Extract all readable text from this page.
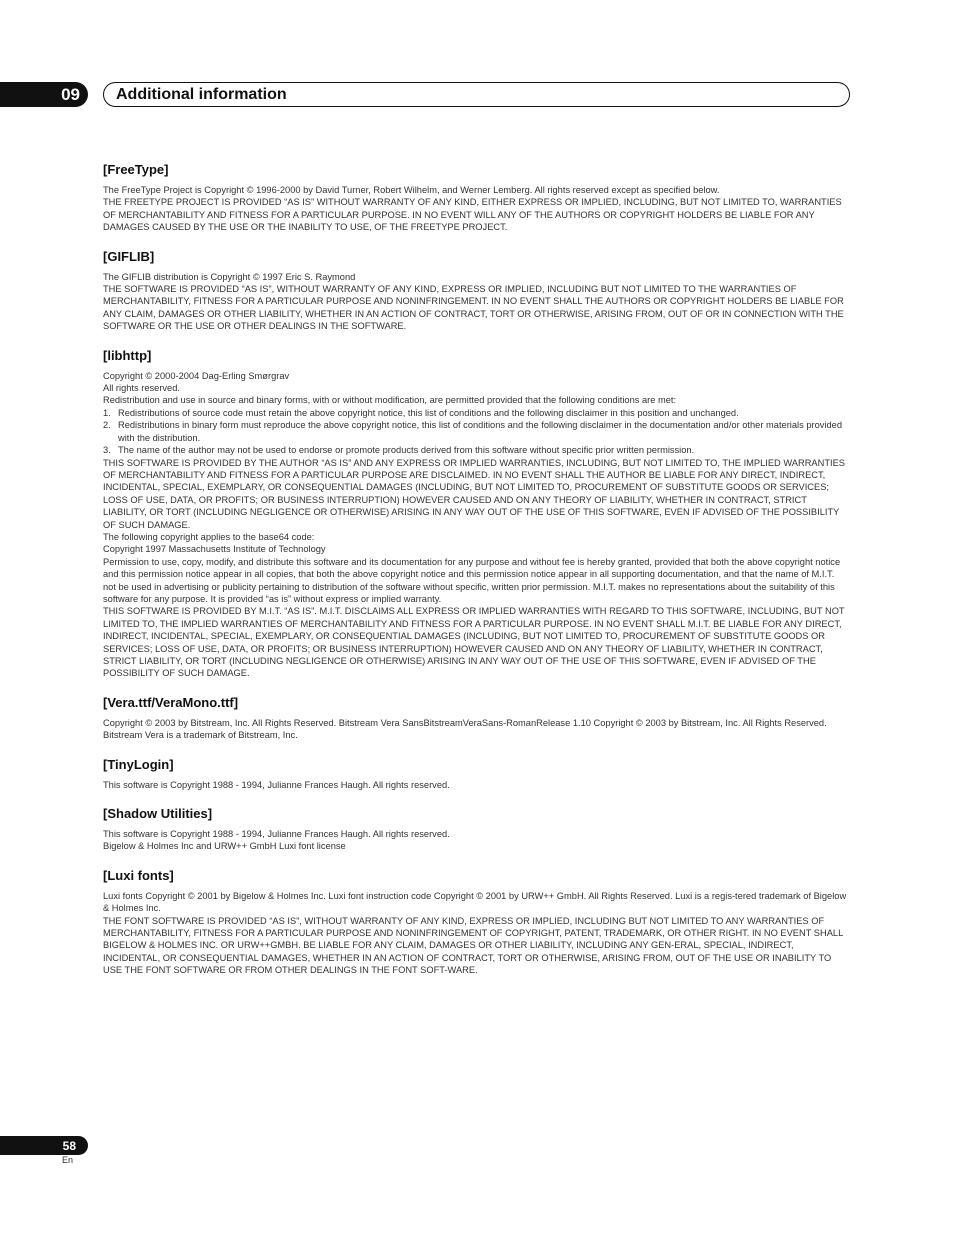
09	Additional information
[FreeType]

The FreeType Project is Copyright © 1996-2000 by David Turner, Robert Wilhelm, and Werner Lemberg. All rights reserved except as specified below.
THE FREETYPE PROJECT IS PROVIDED “AS IS” WITHOUT WARRANTY OF ANY KIND, EITHER EXPRESS OR IMPLIED, INCLUDING, BUT NOT LIMITED TO, WARRANTIES OF MERCHANTABILITY AND FITNESS FOR A PARTICULAR PURPOSE. IN NO EVENT WILL ANY OF THE AUTHORS OR COPYRIGHT HOLDERS BE LIABLE FOR ANY DAMAGES CAUSED BY THE USE OR THE INABILITY TO USE, OF THE FREETYPE PROJECT.

[GIFLIB]

The GIFLIB distribution is Copyright © 1997 Eric S. Raymond
THE SOFTWARE IS PROVIDED “AS IS”, WITHOUT WARRANTY OF ANY KIND, EXPRESS OR IMPLIED, INCLUDING BUT NOT LIMITED TO THE WARRANTIES OF MERCHANTABILITY, FITNESS FOR A PARTICULAR PURPOSE AND NONINFRINGEMENT. IN NO EVENT SHALL THE AUTHORS OR COPYRIGHT HOLDERS BE LIABLE FOR ANY CLAIM, DAMAGES OR OTHER LIABILITY, WHETHER IN AN ACTION OF CONTRACT, TORT OR OTHERWISE, ARISING FROM, OUT OF OR IN CONNECTION WITH THE SOFTWARE OR THE USE OR OTHER DEALINGS IN THE SOFTWARE.

[libhttp]
Copyright © 2000-2004 Dag-Erling Smørgrav
All rights reserved.
Redistribution and use in source and binary forms, with or without modification, are permitted provided that the following conditions are met:
1. Redistributions of source code must retain the above copyright notice, this list of conditions and the following disclaimer in this position and unchanged.
2. Redistributions in binary form must reproduce the above copyright notice, this list of conditions and the following disclaimer in the documentation and/or other materials provided with the distribution.
3. The name of the author may not be used to endorse or promote products derived from this software without specific prior written permission.
THIS SOFTWARE IS PROVIDED BY THE AUTHOR “AS IS” AND ANY EXPRESS OR IMPLIED WARRANTIES, INCLUDING, BUT NOT LIMITED TO, THE IMPLIED WARRANTIES OF MERCHANTABILITY AND FITNESS FOR A PARTICULAR PURPOSE ARE DISCLAIMED. IN NO EVENT SHALL THE AUTHOR BE LIABLE FOR ANY DIRECT, INDIRECT, INCIDENTAL, SPECIAL, EXEMPLARY, OR CONSEQUENTIAL DAMAGES (INCLUDING, BUT NOT LIMITED TO, PROCUREMENT OF SUBSTITUTE GOODS OR SERVICES; LOSS OF USE, DATA, OR PROFITS; OR BUSINESS INTERRUPTION) HOWEVER CAUSED AND ON ANY THEORY OF LIABILITY, WHETHER IN CONTRACT, STRICT LIABILITY, OR TORT (INCLUDING NEGLIGENCE OR OTHERWISE) ARISING IN ANY WAY OUT OF THE USE OF THIS SOFTWARE, EVEN IF ADVISED OF THE POSSIBILITY OF SUCH DAMAGE.
The following copyright applies to the base64 code:
Copyright 1997 Massachusetts Institute of Technology
Permission to use, copy, modify, and distribute this software and its documentation for any purpose and without fee is hereby granted, provided that both the above copyright notice and this permission notice appear in all copies, that both the above copyright notice and this permission notice appear in all supporting documentation, and that the name of M.I.T. not be used in advertising or publicity pertaining to distribution of the software without specific, written prior permission. M.I.T. makes no representations about the suitability of this software for any purpose. It is provided “as is” without express or implied warranty.
THIS SOFTWARE IS PROVIDED BY M.I.T. “AS IS”. M.I.T. DISCLAIMS ALL EXPRESS OR IMPLIED WARRANTIES WITH REGARD TO THIS SOFTWARE, INCLUDING, BUT NOT LIMITED TO, THE IMPLIED WARRANTIES OF MERCHANTABILITY AND FITNESS FOR A PARTICULAR PURPOSE. IN NO EVENT SHALL M.I.T. BE LIABLE FOR ANY DIRECT, INDIRECT, INCIDENTAL, SPECIAL, EXEMPLARY, OR CONSEQUENTIAL DAMAGES (INCLUDING, BUT NOT LIMITED TO, PROCUREMENT OF SUBSTITUTE GOODS OR SERVICES; LOSS OF USE, DATA, OR PROFITS; OR BUSINESS INTERRUPTION) HOWEVER CAUSED AND ON ANY THEORY OF LIABILITY, WHETHER IN CONTRACT, STRICT LIABILITY, OR TORT (INCLUDING NEGLIGENCE OR OTHERWISE) ARISING IN ANY WAY OUT OF THE USE OF THIS SOFTWARE, EVEN IF ADVISED OF THE POSSIBILITY OF SUCH DAMAGE.
[Vera.ttf/VeraMono.ttf]

Copyright © 2003 by Bitstream, Inc. All Rights Reserved. Bitstream Vera SansBitstreamVeraSans-RomanRelease 1.10 Copyright © 2003 by Bitstream, Inc. All Rights Reserved. Bitstream Vera is a trademark of Bitstream, Inc.

[TinyLogin]

This software is Copyright 1988 - 1994, Julianne Frances Haugh. All rights reserved.

[Shadow Utilities]

This software is Copyright 1988 - 1994, Julianne Frances Haugh. All rights reserved.
Bigelow & Holmes Inc and URW++ GmbH Luxi font license

[Luxi fonts]

Luxi fonts Copyright © 2001 by Bigelow & Holmes Inc. Luxi font instruction code Copyright © 2001 by URW++ GmbH. All Rights Reserved. Luxi is a regis-tered trademark of Bigelow & Holmes Inc.
THE FONT SOFTWARE IS PROVIDED “AS IS”, WITHOUT WARRANTY OF ANY KIND, EXPRESS OR IMPLIED, INCLUDING BUT NOT LIMITED TO ANY WARRANTIES OF MERCHANTABILITY, FITNESS FOR A PARTICULAR PURPOSE AND NONINFRINGEMENT OF COPYRIGHT, PATENT, TRADEMARK, OR OTHER RIGHT. IN NO EVENT SHALL BIGELOW & HOLMES INC. OR URW++GMBH. BE LIABLE FOR ANY CLAIM, DAMAGES OR OTHER LIABILITY, INCLUDING ANY GEN-ERAL, SPECIAL, INDIRECT, INCIDENTAL, OR CONSEQUENTIAL DAMAGES, WHETHER IN AN ACTION OF CONTRACT, TORT OR OTHERWISE, ARISING FROM, OUT OF THE USE OR INABILITY TO USE THE FONT SOFTWARE OR FROM OTHER DEALINGS IN THE FONT SOFT-WARE.

58
En
